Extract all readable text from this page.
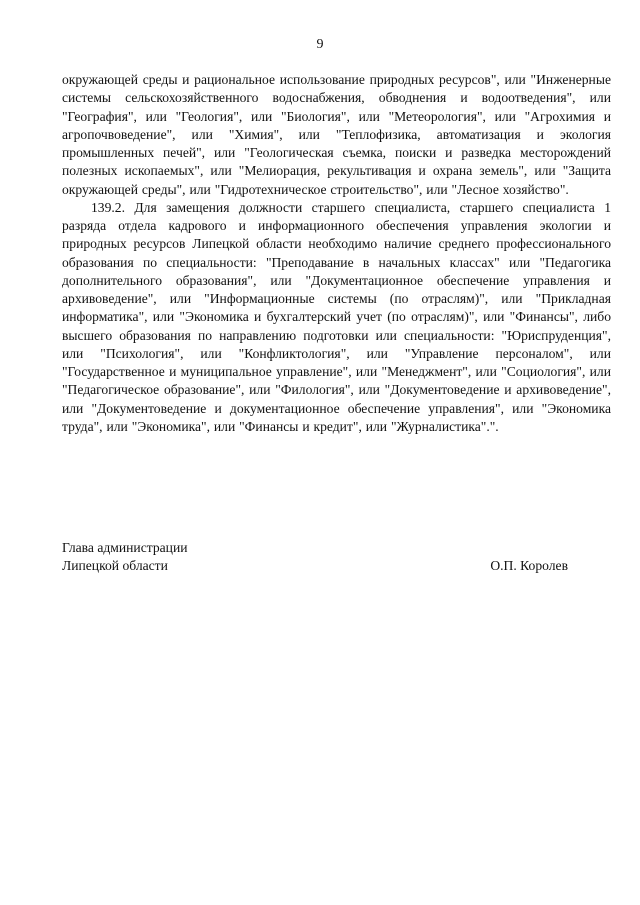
9

окружающей среды и рациональное использование природных ресурсов", или "Инженерные системы сельскохозяйственного водоснабжения, обводнения и водоотведения", или "География", или "Геология", или "Биология", или "Метеорология", или "Агрохимия и агропочвоведение", или "Химия", или "Теплофизика, автоматизация и экология промышленных печей", или "Геологическая съемка, поиски и разведка месторождений полезных ископаемых", или "Мелиорация, рекультивация и охрана земель", или "Защита окружающей среды", или "Гидротехническое строительство", или "Лесное хозяйство".

139.2. Для замещения должности старшего специалиста, старшего специалиста 1 разряда отдела кадрового и информационного обеспечения управления экологии и природных ресурсов Липецкой области необходимо наличие среднего профессионального образования по специальности: "Преподавание в начальных классах" или "Педагогика дополнительного образования", или "Документационное обеспечение управления и архивоведение", или "Информационные системы (по отраслям)", или "Прикладная информатика", или "Экономика и бухгалтерский учет (по отраслям)", или "Финансы", либо высшего образования по направлению подготовки или специальности: "Юриспруденция", или "Психология", или "Конфликтология", или "Управление персоналом", или "Государственное и муниципальное управление", или "Менеджмент", или "Социология", или "Педагогическое образование", или "Филология", или "Документоведение и архивоведение", или "Документоведение и документационное обеспечение управления", или "Экономика труда", или "Экономика", или "Финансы и кредит", или "Журналистика".".

Глава администрации
Липецкой области	О.П. Королев
